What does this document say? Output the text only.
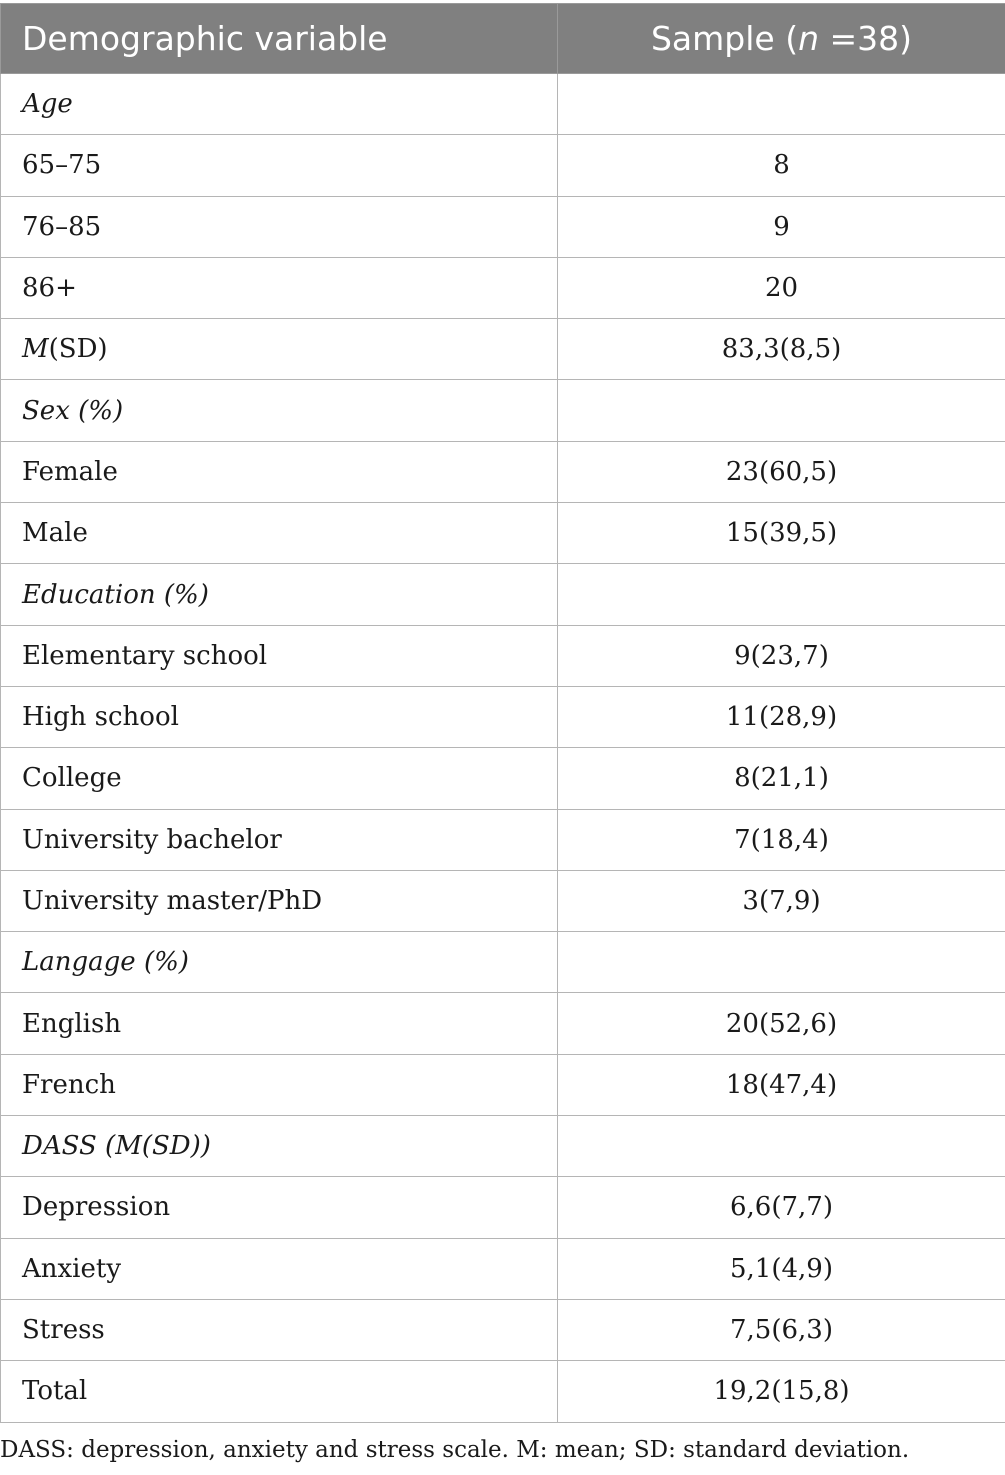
Demographic variable	Sample (n =38)
Age	
65–75	8
76–85	9
86+	20
M(SD)	83,3(8,5)
Sex (%)	
Female	23(60,5)
Male	15(39,5)
Education (%)	
Elementary school	9(23,7)
High school	11(28,9)
College	8(21,1)
University bachelor	7(18,4)
University master/PhD	3(7,9)
Langage (%)	
English	20(52,6)
French	18(47,4)
DASS (M(SD))	
Depression	6,6(7,7)
Anxiety	5,1(4,9)
Stress	7,5(6,3)
Total	19,2(15,8)
DASS: depression, anxiety and stress scale. M: mean; SD: standard deviation.
